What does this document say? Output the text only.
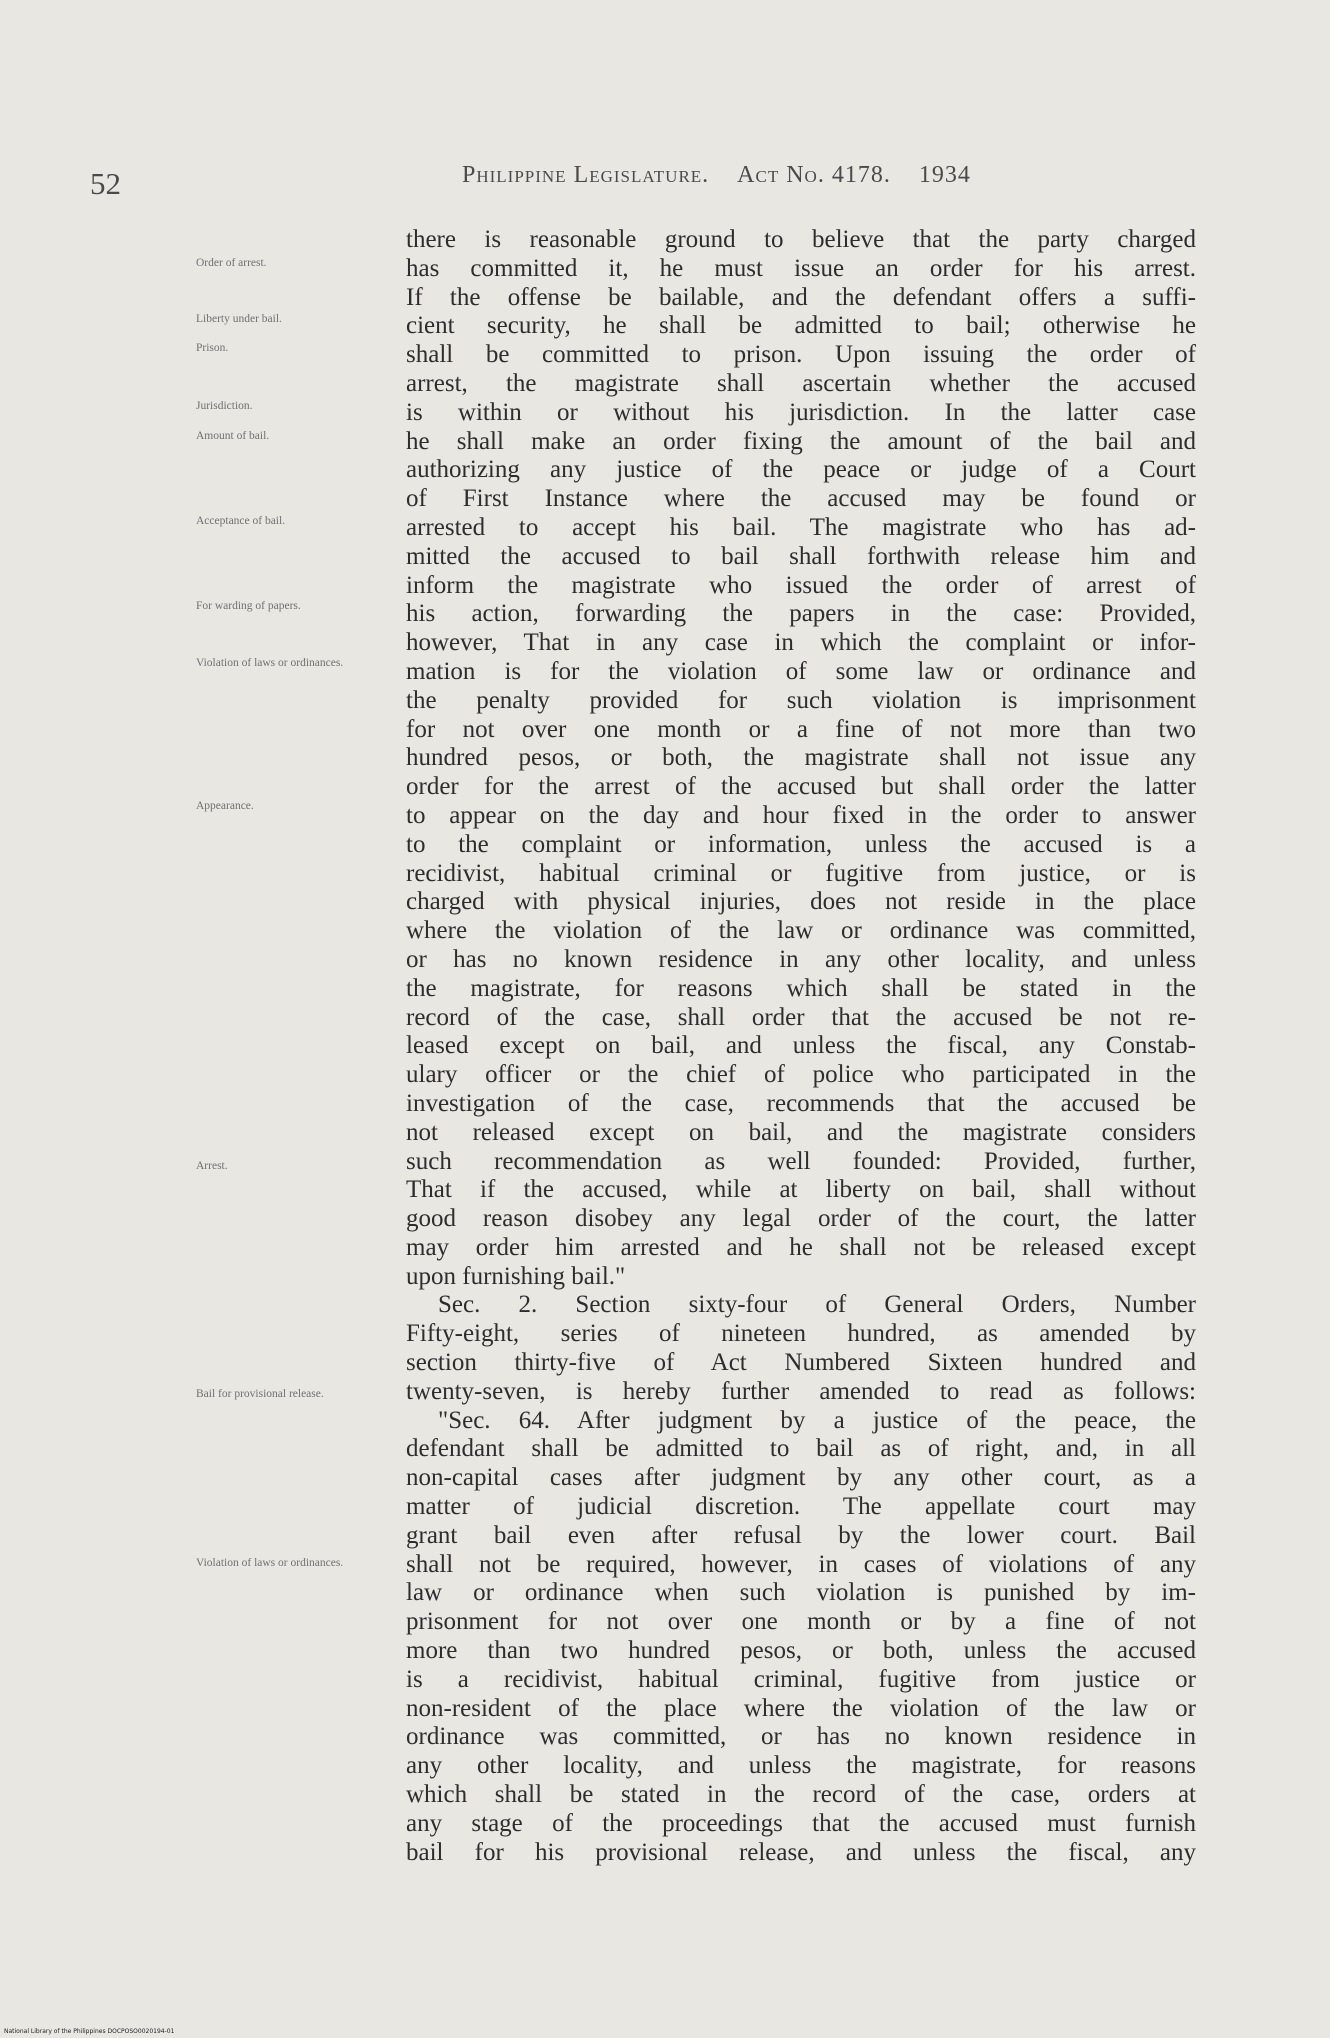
52	Philippine Legislature. Act No. 4178. 1934
Order of arrest.
Liberty under bail.
Prison.
Jurisdiction.
Amount of bail.
Acceptance of bail.
For warding of papers.
Violation of laws or ordinances.
Appearance.
Arrest.
Bail for provisional release.
Violation of laws or ordinances.
there is reasonable ground to believe that the party charged
has committed it, he must issue an order for his arrest.
If the offense be bailable, and the defendant offers a suffi-
cient security, he shall be admitted to bail; otherwise he
shall be committed to prison. Upon issuing the order of
arrest, the magistrate shall ascertain whether the accused
is within or without his jurisdiction. In the latter case
he shall make an order fixing the amount of the bail and
authorizing any justice of the peace or judge of a Court
of First Instance where the accused may be found or
arrested to accept his bail. The magistrate who has ad-
mitted the accused to bail shall forthwith release him and
inform the magistrate who issued the order of arrest of
his action, forwarding the papers in the case: Provided,
however, That in any case in which the complaint or infor-
mation is for the violation of some law or ordinance and
the penalty provided for such violation is imprisonment
for not over one month or a fine of not more than two
hundred pesos, or both, the magistrate shall not issue any
order for the arrest of the accused but shall order the latter
to appear on the day and hour fixed in the order to answer
to the complaint or information, unless the accused is a
recidivist, habitual criminal or fugitive from justice, or is
charged with physical injuries, does not reside in the place
where the violation of the law or ordinance was committed,
or has no known residence in any other locality, and unless
the magistrate, for reasons which shall be stated in the
record of the case, shall order that the accused be not re-
leased except on bail, and unless the fiscal, any Constab-
ulary officer or the chief of police who participated in the
investigation of the case, recommends that the accused be
not released except on bail, and the magistrate considers
such recommendation as well founded: Provided, further,
That if the accused, while at liberty on bail, shall without
good reason disobey any legal order of the court, the latter
may order him arrested and he shall not be released except
upon furnishing bail."
Sec. 2. Section sixty-four of General Orders, Number
Fifty-eight, series of nineteen hundred, as amended by
section thirty-five of Act Numbered Sixteen hundred and
twenty-seven, is hereby further amended to read as follows:
"Sec. 64. After judgment by a justice of the peace, the
defendant shall be admitted to bail as of right, and, in all
non-capital cases after judgment by any other court, as a
matter of judicial discretion. The appellate court may
grant bail even after refusal by the lower court. Bail
shall not be required, however, in cases of violations of any
law or ordinance when such violation is punished by im-
prisonment for not over one month or by a fine of not
more than two hundred pesos, or both, unless the accused
is a recidivist, habitual criminal, fugitive from justice or
non-resident of the place where the violation of the law or
ordinance was committed, or has no known residence in
any other locality, and unless the magistrate, for reasons
which shall be stated in the record of the case, orders at
any stage of the proceedings that the accused must furnish
bail for his provisional release, and unless the fiscal, any
National Library of the Philippines DOCPOSO0020194-01
